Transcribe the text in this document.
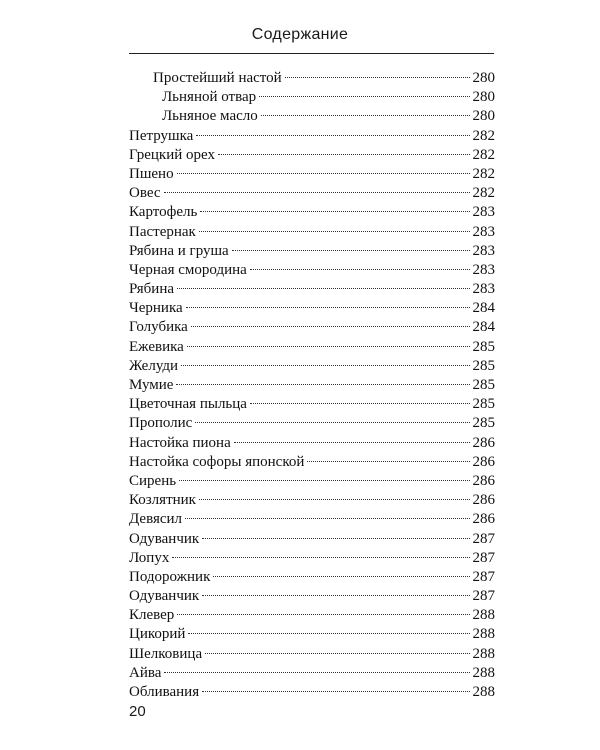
Содержание
Простейший настой	280
Льняной отвар	280
Льняное масло	280
Петрушка	282
Грецкий орех	282
Пшено	282
Овес	282
Картофель	283
Пастернак	283
Рябина и груша	283
Черная смородина	283
Рябина	283
Черника	284
Голубика	284
Ежевика	285
Желуди	285
Мумие	285
Цветочная пыльца	285
Прополис	285
Настойка пиона	286
Настойка софоры японской	286
Сирень	286
Козлятник	286
Девясил	286
Одуванчик	287
Лопух	287
Подорожник	287
Одуванчик	287
Клевер	288
Цикорий	288
Шелковица	288
Айва	288
Обливания	288
20
